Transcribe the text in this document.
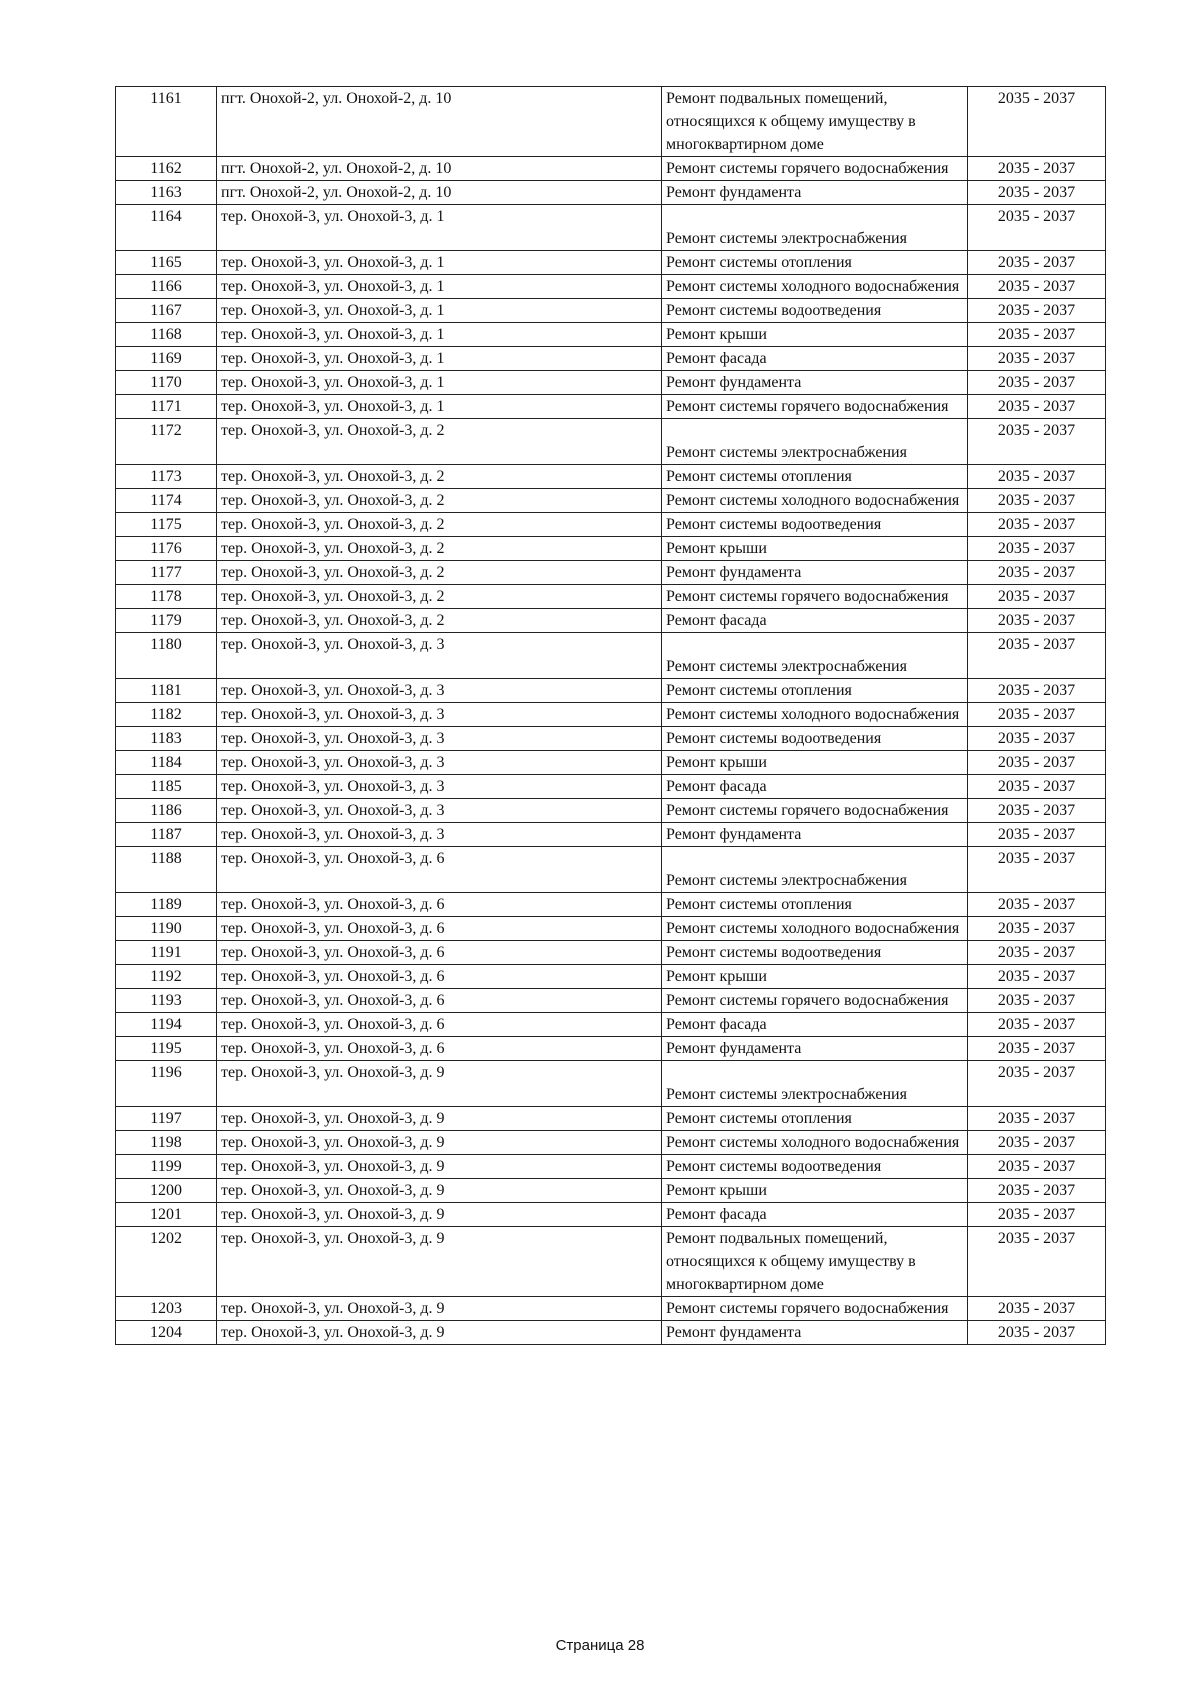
1161	пгт. Онохой-2, ул. Онохой-2, д. 10	Ремонт подвальных помещений, относящихся к общему имуществу в многоквартирном доме	2035 - 2037
1162	пгт. Онохой-2, ул. Онохой-2, д. 10	Ремонт системы горячего водоснабжения	2035 - 2037
1163	пгт. Онохой-2, ул. Онохой-2, д. 10	Ремонт фундамента	2035 - 2037
1164	тер. Онохой-3, ул. Онохой-3, д. 1	Ремонт системы электроснабжения	2035 - 2037
1165	тер. Онохой-3, ул. Онохой-3, д. 1	Ремонт системы отопления	2035 - 2037
1166	тер. Онохой-3, ул. Онохой-3, д. 1	Ремонт системы холодного водоснабжения	2035 - 2037
1167	тер. Онохой-3, ул. Онохой-3, д. 1	Ремонт системы водоотведения	2035 - 2037
1168	тер. Онохой-3, ул. Онохой-3, д. 1	Ремонт крыши	2035 - 2037
1169	тер. Онохой-3, ул. Онохой-3, д. 1	Ремонт фасада	2035 - 2037
1170	тер. Онохой-3, ул. Онохой-3, д. 1	Ремонт фундамента	2035 - 2037
1171	тер. Онохой-3, ул. Онохой-3, д. 1	Ремонт системы горячего водоснабжения	2035 - 2037
1172	тер. Онохой-3, ул. Онохой-3, д. 2	Ремонт системы электроснабжения	2035 - 2037
1173	тер. Онохой-3, ул. Онохой-3, д. 2	Ремонт системы отопления	2035 - 2037
1174	тер. Онохой-3, ул. Онохой-3, д. 2	Ремонт системы холодного водоснабжения	2035 - 2037
1175	тер. Онохой-3, ул. Онохой-3, д. 2	Ремонт системы водоотведения	2035 - 2037
1176	тер. Онохой-3, ул. Онохой-3, д. 2	Ремонт крыши	2035 - 2037
1177	тер. Онохой-3, ул. Онохой-3, д. 2	Ремонт фундамента	2035 - 2037
1178	тер. Онохой-3, ул. Онохой-3, д. 2	Ремонт системы горячего водоснабжения	2035 - 2037
1179	тер. Онохой-3, ул. Онохой-3, д. 2	Ремонт фасада	2035 - 2037
1180	тер. Онохой-3, ул. Онохой-3, д. 3	Ремонт системы электроснабжения	2035 - 2037
1181	тер. Онохой-3, ул. Онохой-3, д. 3	Ремонт системы отопления	2035 - 2037
1182	тер. Онохой-3, ул. Онохой-3, д. 3	Ремонт системы холодного водоснабжения	2035 - 2037
1183	тер. Онохой-3, ул. Онохой-3, д. 3	Ремонт системы водоотведения	2035 - 2037
1184	тер. Онохой-3, ул. Онохой-3, д. 3	Ремонт крыши	2035 - 2037
1185	тер. Онохой-3, ул. Онохой-3, д. 3	Ремонт фасада	2035 - 2037
1186	тер. Онохой-3, ул. Онохой-3, д. 3	Ремонт системы горячего водоснабжения	2035 - 2037
1187	тер. Онохой-3, ул. Онохой-3, д. 3	Ремонт фундамента	2035 - 2037
1188	тер. Онохой-3, ул. Онохой-3, д. 6	Ремонт системы электроснабжения	2035 - 2037
1189	тер. Онохой-3, ул. Онохой-3, д. 6	Ремонт системы отопления	2035 - 2037
1190	тер. Онохой-3, ул. Онохой-3, д. 6	Ремонт системы холодного водоснабжения	2035 - 2037
1191	тер. Онохой-3, ул. Онохой-3, д. 6	Ремонт системы водоотведения	2035 - 2037
1192	тер. Онохой-3, ул. Онохой-3, д. 6	Ремонт крыши	2035 - 2037
1193	тер. Онохой-3, ул. Онохой-3, д. 6	Ремонт системы горячего водоснабжения	2035 - 2037
1194	тер. Онохой-3, ул. Онохой-3, д. 6	Ремонт фасада	2035 - 2037
1195	тер. Онохой-3, ул. Онохой-3, д. 6	Ремонт фундамента	2035 - 2037
1196	тер. Онохой-3, ул. Онохой-3, д. 9	Ремонт системы электроснабжения	2035 - 2037
1197	тер. Онохой-3, ул. Онохой-3, д. 9	Ремонт системы отопления	2035 - 2037
1198	тер. Онохой-3, ул. Онохой-3, д. 9	Ремонт системы холодного водоснабжения	2035 - 2037
1199	тер. Онохой-3, ул. Онохой-3, д. 9	Ремонт системы водоотведения	2035 - 2037
1200	тер. Онохой-3, ул. Онохой-3, д. 9	Ремонт крыши	2035 - 2037
1201	тер. Онохой-3, ул. Онохой-3, д. 9	Ремонт фасада	2035 - 2037
1202	тер. Онохой-3, ул. Онохой-3, д. 9	Ремонт подвальных помещений, относящихся к общему имуществу в многоквартирном доме	2035 - 2037
1203	тер. Онохой-3, ул. Онохой-3, д. 9	Ремонт системы горячего водоснабжения	2035 - 2037
1204	тер. Онохой-3, ул. Онохой-3, д. 9	Ремонт фундамента	2035 - 2037
Страница 28
